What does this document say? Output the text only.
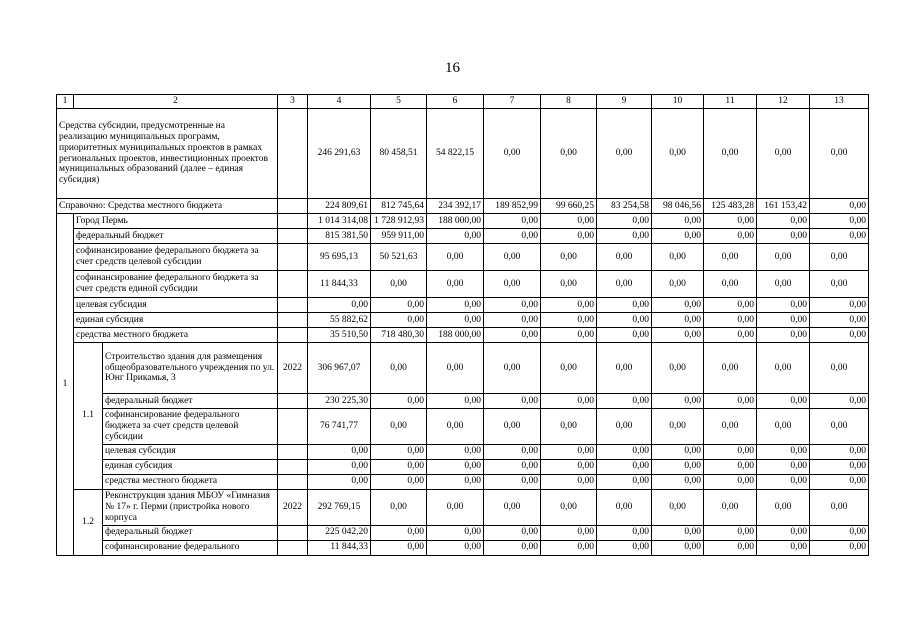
16
1	2		3	4	5	6	7	8	9	10	11	12	13
Средства субсидии, предусмотренные на реализацию муниципальных программ, приоритетных муниципальных проектов в рамках региональных проектов, инвестиционных проектов муниципальных образований (далее – единая субсидия)				246 291,63	80 458,51	54 822,15	0,00	0,00	0,00	0,00	0,00	0,00	0,00
Справочно: Средства местного бюджета				224 809,61	812 745,64	234 392,17	189 852,99	99 660,25	83 254,58	98 046,56	125 483,28	161 153,42	0,00
1	Город Пермь			1 014 314,08	1 728 912,93	188 000,00	0,00	0,00	0,00	0,00	0,00	0,00	0,00
	федеральный бюджет			815 381,50	959 911,00	0,00	0,00	0,00	0,00	0,00	0,00	0,00	0,00
	софинансирование федерального бюджета за счет средств целевой субсидии			95 695,13	50 521,63	0,00	0,00	0,00	0,00	0,00	0,00	0,00	0,00
	софинансирование федерального бюджета за счет средств единой субсидии			11 844,33	0,00	0,00	0,00	0,00	0,00	0,00	0,00	0,00	0,00
	целевая субсидия			0,00	0,00	0,00	0,00	0,00	0,00	0,00	0,00	0,00	0,00
	единая субсидия			55 882,62	0,00	0,00	0,00	0,00	0,00	0,00	0,00	0,00	0,00
	средства местного бюджета			35 510,50	718 480,30	188 000,00	0,00	0,00	0,00	0,00	0,00	0,00	0,00
	1.1	Строительство здания для размещения общеобразовательного учреждения по ул. Юнг Прикамья, 3	2022	306 967,07	0,00	0,00	0,00	0,00	0,00	0,00	0,00	0,00	0,00
		федеральный бюджет		230 225,30	0,00	0,00	0,00	0,00	0,00	0,00	0,00	0,00	0,00
		софинансирование федерального бюджета за счет средств целевой субсидии		76 741,77	0,00	0,00	0,00	0,00	0,00	0,00	0,00	0,00	0,00
		целевая субсидия		0,00	0,00	0,00	0,00	0,00	0,00	0,00	0,00	0,00	0,00
		единая субсидия		0,00	0,00	0,00	0,00	0,00	0,00	0,00	0,00	0,00	0,00
		средства местного бюджета		0,00	0,00	0,00	0,00	0,00	0,00	0,00	0,00	0,00	0,00
	1.2	Реконструкция здания МБОУ «Гимназия № 17» г. Перми (пристройка нового корпуса	2022	292 769,15	0,00	0,00	0,00	0,00	0,00	0,00	0,00	0,00	0,00
		федеральный бюджет		225 042,20	0,00	0,00	0,00	0,00	0,00	0,00	0,00	0,00	0,00
		софинансирование федерального		11 844,33	0,00	0,00	0,00	0,00	0,00	0,00	0,00	0,00	0,00
